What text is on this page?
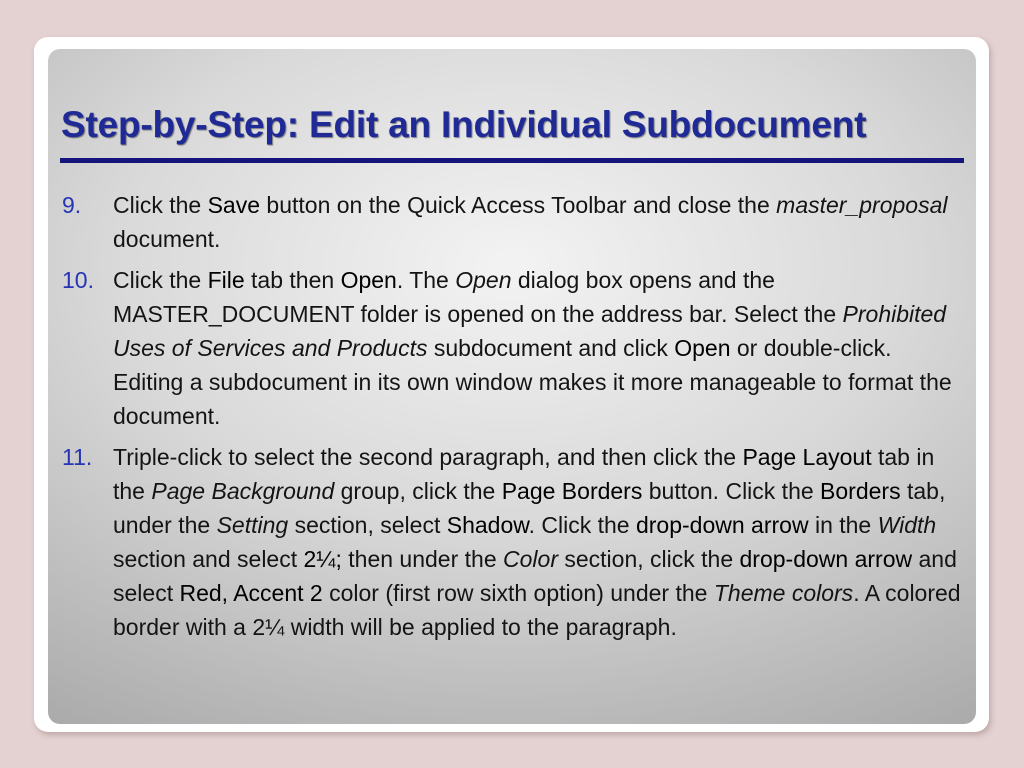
Step-by-Step: Edit an Individual Subdocument
9.	Click the Save button on the Quick Access Toolbar and close the master_proposal document.
10. Click the File tab then Open. The Open dialog box opens and the MASTER_DOCUMENT folder is opened on the address bar. Select the Prohibited Uses of Services and Products subdocument and click Open or double-click. Editing a subdocument in its own window makes it more manageable to format the document.
11. Triple-click to select the second paragraph, and then click the Page Layout tab in the Page Background group, click the Page Borders button. Click the Borders tab, under the Setting section, select Shadow. Click the drop-down arrow in the Width section and select 2¼; then under the Color section, click the drop-down arrow and select Red, Accent 2 color (first row sixth option) under the Theme colors. A colored border with a 2¼ width will be applied to the paragraph.
